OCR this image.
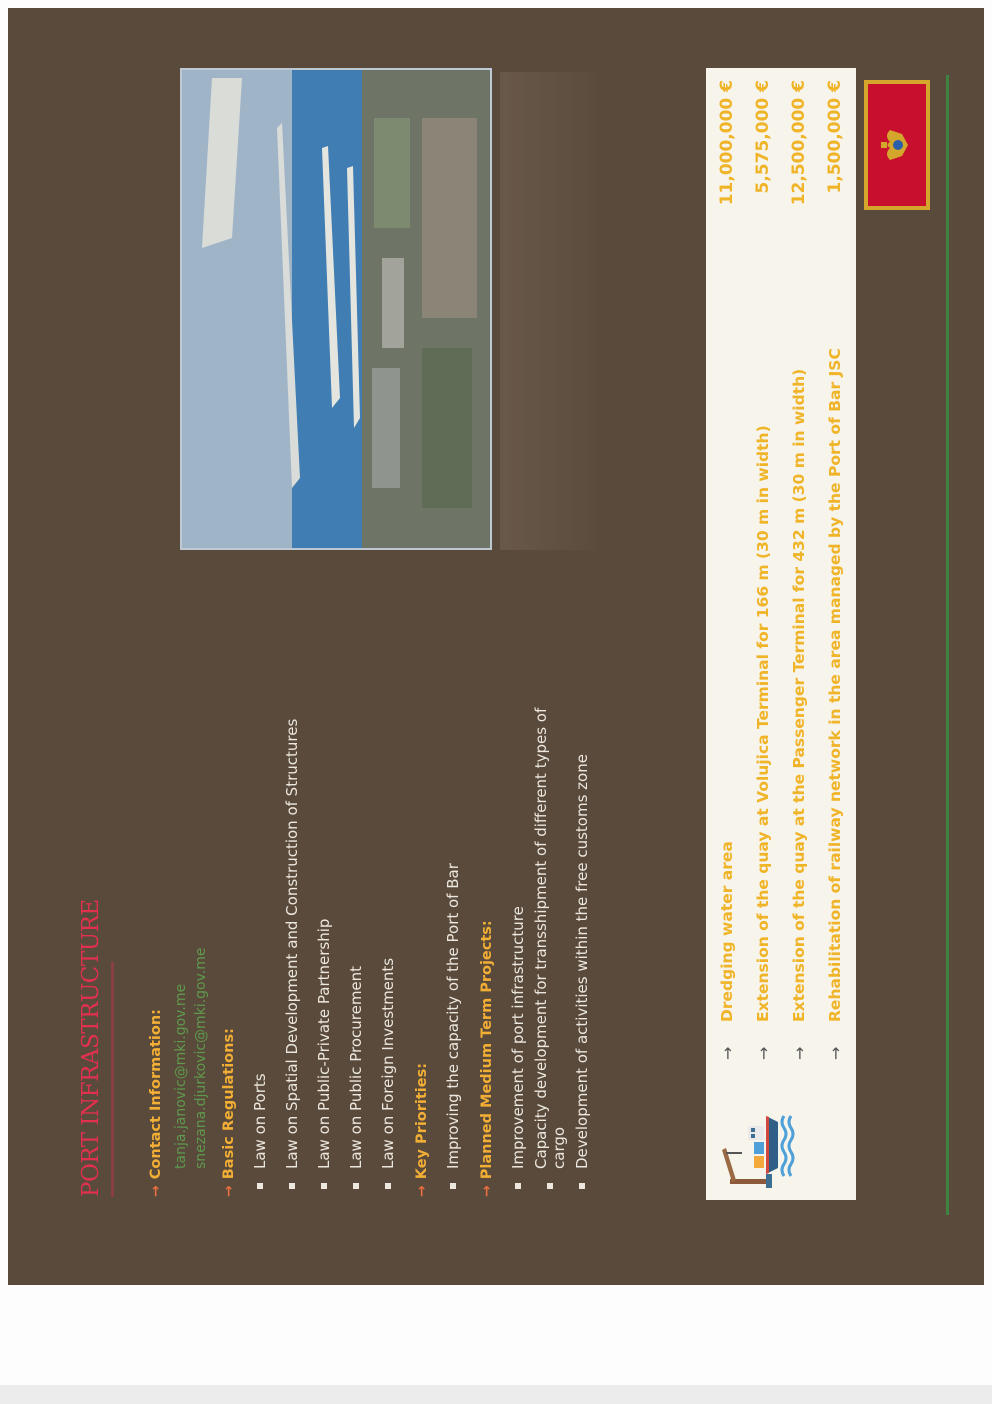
PORT INFRASTRUCTURE	→
Contact Information: tanja.janovic@mki.gov.me snezana.djurkovic@mki.gov.me
→
Basic Regulations: Law on Ports Law on Spatial Development and Construction of Structures Law on Public-Private Partnership Law on Public Procurement Law on Foreign Investments
→
Key Priorities: Improving the capacity of the Port of Bar
→
Planned Medium Term Projects: Improvement of port infrastructure Capacity development for transshipment of different types of cargo Development of activities within the free customs zone	→
Dredging water area
11,000,000 €
→
Extension of the quay at Volujica Terminal for 166 m (30 m in width)
5,575,000 €
→
Extension of the quay at the Passenger Terminal for 432 m (30 m in width)
12,500,000 €
→
Rehabilitation of railway network in the area managed by the Port of Bar JSC
1,500,000 €
